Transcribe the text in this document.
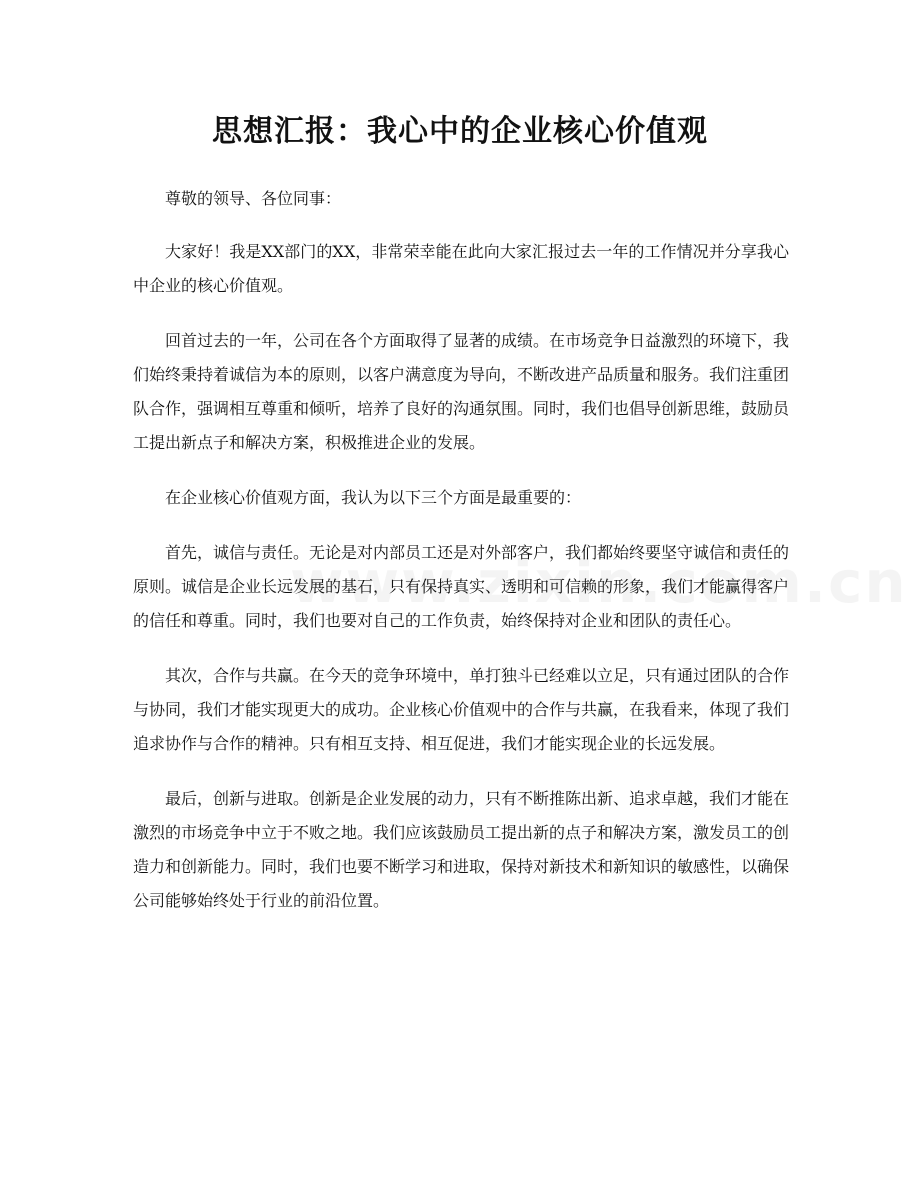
思想汇报：我心中的企业核心价值观

尊敬的领导、各位同事：

大家好！我是XX部门的XX，非常荣幸能在此向大家汇报过去一年的工作情况并分享我心中企业的核心价值观。

回首过去的一年，公司在各个方面取得了显著的成绩。在市场竞争日益激烈的环境下，我们始终秉持着诚信为本的原则，以客户满意度为导向，不断改进产品质量和服务。我们注重团队合作，强调相互尊重和倾听，培养了良好的沟通氛围。同时，我们也倡导创新思维，鼓励员工提出新点子和解决方案，积极推进企业的发展。

在企业核心价值观方面，我认为以下三个方面是最重要的：

首先，诚信与责任。无论是对内部员工还是对外部客户，我们都始终要坚守诚信和责任的原则。诚信是企业长远发展的基石，只有保持真实、透明和可信赖的形象，我们才能赢得客户的信任和尊重。同时，我们也要对自己的工作负责，始终保持对企业和团队的责任心。

其次，合作与共赢。在今天的竞争环境中，单打独斗已经难以立足，只有通过团队的合作与协同，我们才能实现更大的成功。企业核心价值观中的合作与共赢，在我看来，体现了我们追求协作与合作的精神。只有相互支持、相互促进，我们才能实现企业的长远发展。

最后，创新与进取。创新是企业发展的动力，只有不断推陈出新、追求卓越，我们才能在激烈的市场竞争中立于不败之地。我们应该鼓励员工提出新的点子和解决方案，激发员工的创造力和创新能力。同时，我们也要不断学习和进取，保持对新技术和新知识的敏感性，以确保公司能够始终处于行业的前沿位置。
